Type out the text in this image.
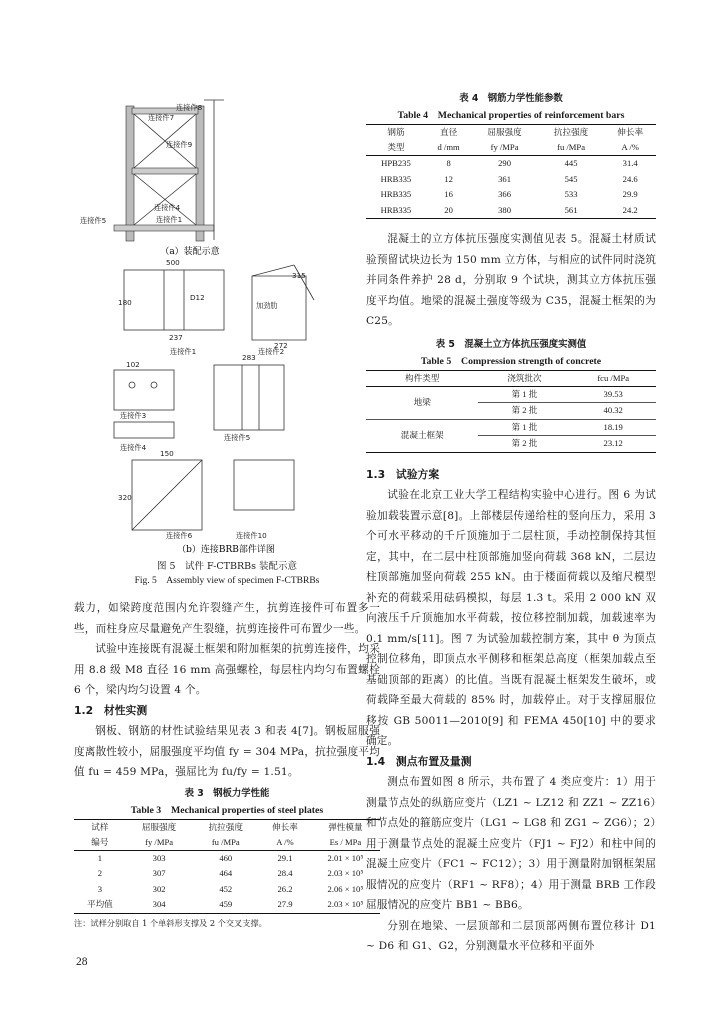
连接件7
连接件8
连接件9
连接件4
连接件5	连接件1
（a）装配示意
500
237
连接件1
180
D12
315
272
连接件2
加劲肋
102
连接件3
连接件4
283
连接件5
150
320
连接件6	连接件10
（b）连接BRB部件详图
图 5　试件 F-CTBRBs 装配示意
Fig. 5　Assembly view of specimen F-CTBRBs

载力，如梁跨度范围内允许裂缝产生，抗剪连接件可布置多一些，而柱身应尽量避免产生裂缝，抗剪连接件可布置少一些。

试验中连接既有混凝土框架和附加框架的抗剪连接件，均采用 8.8 级 M8 直径 16 mm 高强螺栓，每层柱内均匀布置螺栓 6 个，梁内均匀设置 4 个。

1.2　材性实测

钢板、钢筋的材性试验结果见表 3 和表 4[7]。钢板屈服强度离散性较小，屈服强度平均值 fy = 304 MPa，抗拉强度平均值 fu = 459 MPa，强屈比为 fu/fy = 1.51。

表 3　钢板力学性能
Table 3　Mechanical properties of steel plates
试样	屈服强度	抗拉强度	伸长率	弹性模量
编号	fy /MPa	fu /MPa	A /%	Es / MPa
1	303	460	29.1	2.01 × 10⁵
2	307	464	28.4	2.03 × 10⁵
3	302	452	26.2	2.06 × 10⁵
平均值	304	459	27.9	2.03 × 10⁵
注：试样分别取自 1 个单斜形支撑及 2 个交叉支撑。
表 4　钢筋力学性能参数
Table 4　Mechanical properties of reinforcement bars
钢筋	直径	屈服强度	抗拉强度	伸长率
类型	d /mm	fy /MPa	fu /MPa	A /%
HPB235	8	290	445	31.4
HRB335	12	361	545	24.6
HRB335	16	366	533	29.9
HRB335	20	380	561	24.2

混凝土的立方体抗压强度实测值见表 5。混凝土材质试验预留试块边长为 150 mm 立方体，与相应的试件同时浇筑并同条件养护 28 d，分别取 9 个试块，测其立方体抗压强度平均值。地梁的混凝土强度等级为 C35，混凝土框架的为 C25。

表 5　混凝土立方体抗压强度实测值
Table 5　Compression strength of concrete
构件类型	浇筑批次	fcu /MPa
地梁	第 1 批	39.53
	第 2 批	40.32
混凝土框架	第 1 批	18.19
	第 2 批	23.12
1.3　试验方案

试验在北京工业大学工程结构实验中心进行。图 6 为试验加载装置示意[8]。上部楼层传递给柱的竖向压力，采用 3 个可水平移动的千斤顶施加于二层柱顶，手动控制保持其恒定，其中，在二层中柱顶部施加竖向荷载 368 kN，二层边柱顶部施加竖向荷载 255 kN。由于楼面荷载以及缩尺模型补充的荷载采用砝码模拟，每层 1.3 t。采用 2 000 kN 双向液压千斤顶施加水平荷载，按位移控制加载，加载速率为 0.1 mm/s[11]。图 7 为试验加载控制方案，其中 θ 为顶点控制位移角，即顶点水平侧移和框架总高度（框架加载点至基础顶部的距离）的比值。当既有混凝土框架发生破坏，或荷载降至最大荷载的 85% 时，加载停止。对于支撑屈服位移按 GB 50011—2010[9] 和 FEMA 450[10] 中的要求确定。

1.4　测点布置及量测

测点布置如图 8 所示，共布置了 4 类应变片：1）用于测量节点处的纵筋应变片（LZ1 ~ LZ12 和 ZZ1 ~ ZZ16）和节点处的箍筋应变片（LG1 ~ LG8 和 ZG1 ~ ZG6）；2）用于测量节点处的混凝土应变片（FJ1 ~ FJ2）和柱中间的混凝土应变片（FC1 ~ FC12）；3）用于测量附加钢框架屈服情况的应变片（RF1 ~ RF8）；4）用于测量 BRB 工作段屈服情况的应变片 BB1 ~ BB6。

分别在地梁、一层顶部和二层顶部两侧布置位移计 D1 ~ D6 和 G1、G2，分别测量水平位移和平面外

28
